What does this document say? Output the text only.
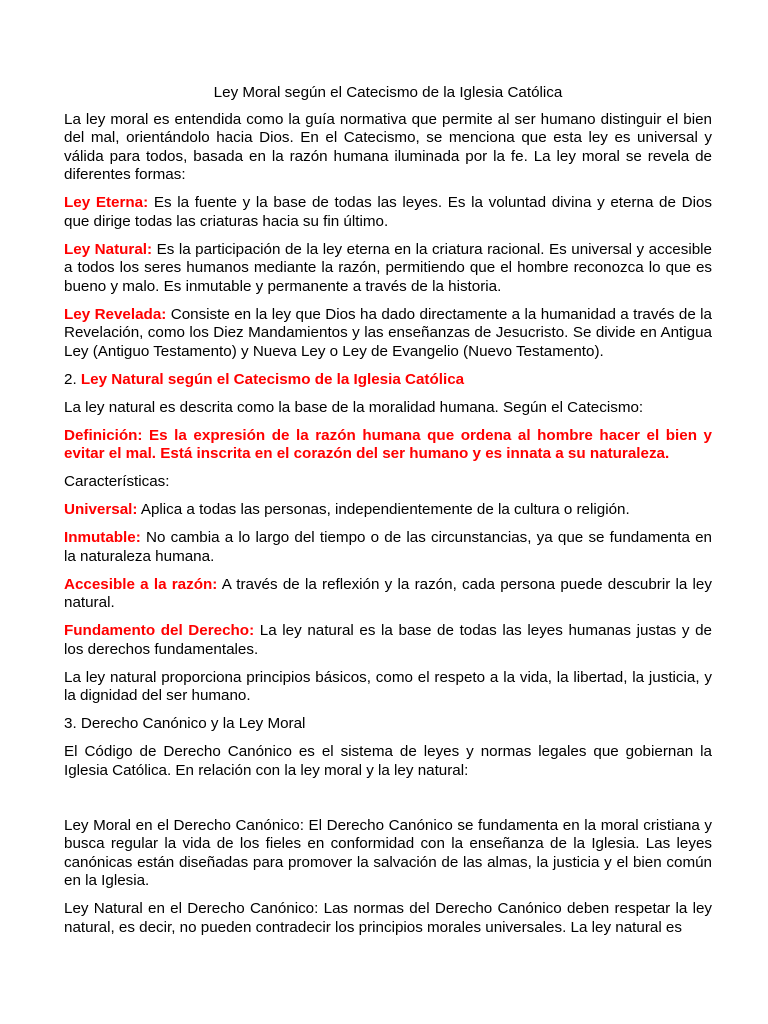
Ley Moral según el Catecismo de la Iglesia Católica

La ley moral es entendida como la guía normativa que permite al ser humano distinguir el bien del mal, orientándolo hacia Dios. En el Catecismo, se menciona que esta ley es universal y válida para todos, basada en la razón humana iluminada por la fe. La ley moral se revela de diferentes formas:

Ley Eterna: Es la fuente y la base de todas las leyes. Es la voluntad divina y eterna de Dios que dirige todas las criaturas hacia su fin último.

Ley Natural: Es la participación de la ley eterna en la criatura racional. Es universal y accesible a todos los seres humanos mediante la razón, permitiendo que el hombre reconozca lo que es bueno y malo. Es inmutable y permanente a través de la historia.

Ley Revelada: Consiste en la ley que Dios ha dado directamente a la humanidad a través de la Revelación, como los Diez Mandamientos y las enseñanzas de Jesucristo. Se divide en Antigua Ley (Antiguo Testamento) y Nueva Ley o Ley de Evangelio (Nuevo Testamento).

2. Ley Natural según el Catecismo de la Iglesia Católica

La ley natural es descrita como la base de la moralidad humana. Según el Catecismo:

Definición: Es la expresión de la razón humana que ordena al hombre hacer el bien y evitar el mal. Está inscrita en el corazón del ser humano y es innata a su naturaleza.

Características:

Universal: Aplica a todas las personas, independientemente de la cultura o religión.

Inmutable: No cambia a lo largo del tiempo o de las circunstancias, ya que se fundamenta en la naturaleza humana.

Accesible a la razón: A través de la reflexión y la razón, cada persona puede descubrir la ley natural.

Fundamento del Derecho: La ley natural es la base de todas las leyes humanas justas y de los derechos fundamentales.

La ley natural proporciona principios básicos, como el respeto a la vida, la libertad, la justicia, y la dignidad del ser humano.

3. Derecho Canónico y la Ley Moral

El Código de Derecho Canónico es el sistema de leyes y normas legales que gobiernan la Iglesia Católica. En relación con la ley moral y la ley natural:

Ley Moral en el Derecho Canónico: El Derecho Canónico se fundamenta en la moral cristiana y busca regular la vida de los fieles en conformidad con la enseñanza de la Iglesia. Las leyes canónicas están diseñadas para promover la salvación de las almas, la justicia y el bien común en la Iglesia.

Ley Natural en el Derecho Canónico: Las normas del Derecho Canónico deben respetar la ley natural, es decir, no pueden contradecir los principios morales universales. La ley natural es
